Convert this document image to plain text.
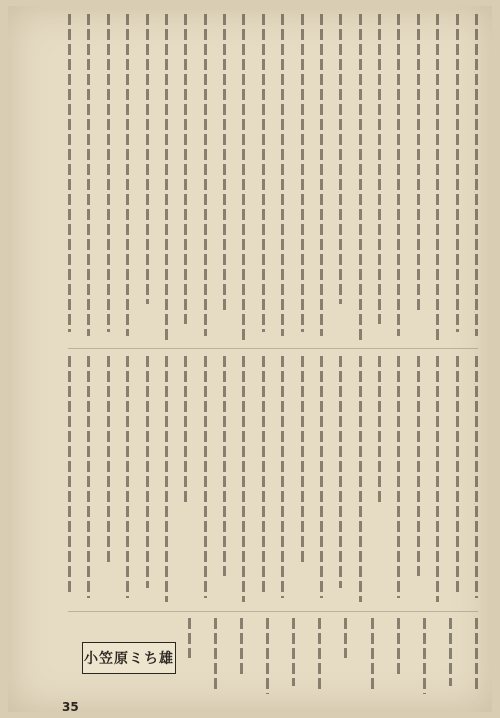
小笠原ミち雄
35
